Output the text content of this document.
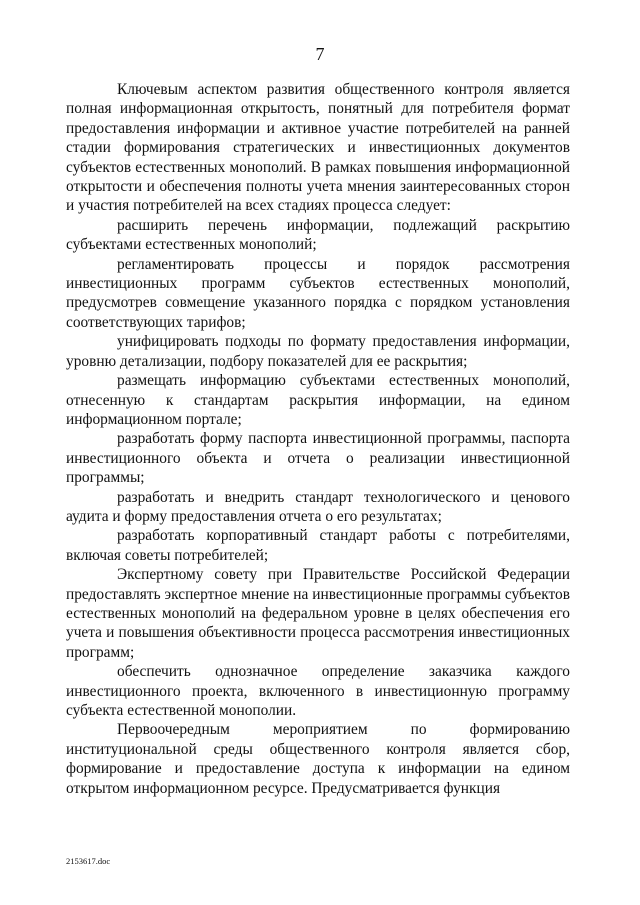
7

Ключевым аспектом развития общественного контроля является полная информационная открытость, понятный для потребителя формат предоставления информации и активное участие потребителей на ранней стадии формирования стратегических и инвестиционных документов субъектов естественных монополий. В рамках повышения информационной открытости и обеспечения полноты учета мнения заинтересованных сторон и участия потребителей на всех стадиях процесса следует:

расширить перечень информации, подлежащий раскрытию субъектами естественных монополий;

регламентировать процессы и порядок рассмотрения инвестиционных программ субъектов естественных монополий, предусмотрев совмещение указанного порядка с порядком установления соответствующих тарифов;

унифицировать подходы по формату предоставления информации, уровню детализации, подбору показателей для ее раскрытия;

размещать информацию субъектами естественных монополий, отнесенную к стандартам раскрытия информации, на едином информационном портале;

разработать форму паспорта инвестиционной программы, паспорта инвестиционного объекта и отчета о реализации инвестиционной программы;

разработать и внедрить стандарт технологического и ценового аудита и форму предоставления отчета о его результатах;

разработать корпоративный стандарт работы с потребителями, включая советы потребителей;

Экспертному совету при Правительстве Российской Федерации предоставлять экспертное мнение на инвестиционные программы субъектов естественных монополий на федеральном уровне в целях обеспечения его учета и повышения объективности процесса рассмотрения инвестиционных программ;

обеспечить однозначное определение заказчика каждого инвестиционного проекта, включенного в инвестиционную программу субъекта естественной монополии.

Первоочередным мероприятием по формированию институциональной среды общественного контроля является сбор, формирование и предоставление доступа к информации на едином открытом информационном ресурсе. Предусматривается функция

2153617.doc
